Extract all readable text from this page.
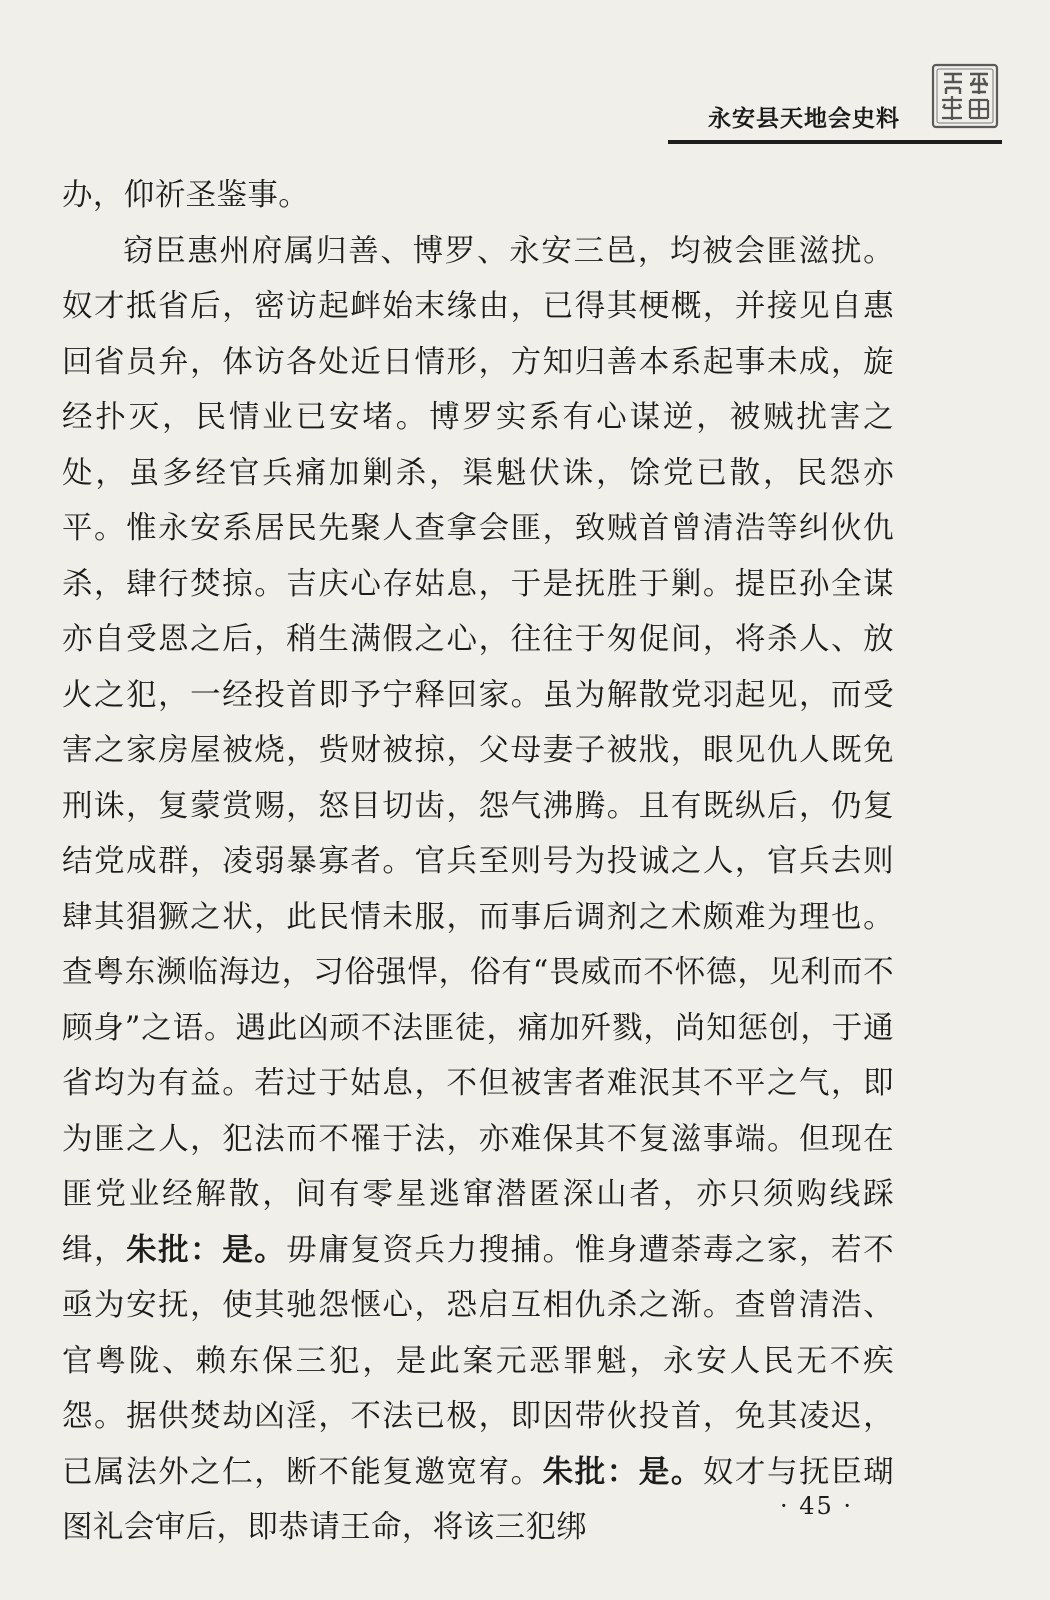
永安县天地会史料

办，仰祈圣鉴事。

窃臣惠州府属归善、博罗、永安三邑，均被会匪滋扰。奴才抵省后，密访起衅始末缘由，已得其梗概，并接见自惠回省员弁，体访各处近日情形，方知归善本系起事未成，旋经扑灭，民情业已安堵。博罗实系有心谋逆，被贼扰害之处，虽多经官兵痛加剿杀，渠魁伏诛，馀党已散，民怨亦平。惟永安系居民先聚人查拿会匪，致贼首曾清浩等纠伙仇杀，肆行焚掠。吉庆心存姑息，于是抚胜于剿。提臣孙全谋亦自受恩之后，稍生满假之心，往往于匆促间，将杀人、放火之犯，一经投首即予宁释回家。虽为解散党羽起见，而受害之家房屋被烧，赀财被掠，父母妻子被戕，眼见仇人既免刑诛，复蒙赏赐，怒目切齿，怨气沸腾。且有既纵后，仍复结党成群，凌弱暴寡者。官兵至则号为投诚之人，官兵去则肆其猖獗之状，此民情未服，而事后调剂之术颇难为理也。查粤东濒临海边，习俗强悍，俗有“畏威而不怀德，见利而不顾身”之语。遇此凶顽不法匪徒，痛加歼戮，尚知惩创，于通省均为有益。若过于姑息，不但被害者难泯其不平之气，即为匪之人，犯法而不罹于法，亦难保其不复滋事端。但现在匪党业经解散，间有零星逃窜潜匿深山者，亦只须购线踩缉，朱批：是。毋庸复资兵力搜捕。惟身遭荼毒之家，若不亟为安抚，使其驰怨惬心，恐启互相仇杀之渐。查曾清浩、官粤陇、赖东保三犯，是此案元恶罪魁，永安人民无不疾怨。据供焚劫凶淫，不法已极，即因带伙投首，免其凌迟，已属法外之仁，断不能复邀宽宥。朱批：是。奴才与抚臣瑚图礼会审后，即恭请王命，将该三犯绑

· 45 ·
